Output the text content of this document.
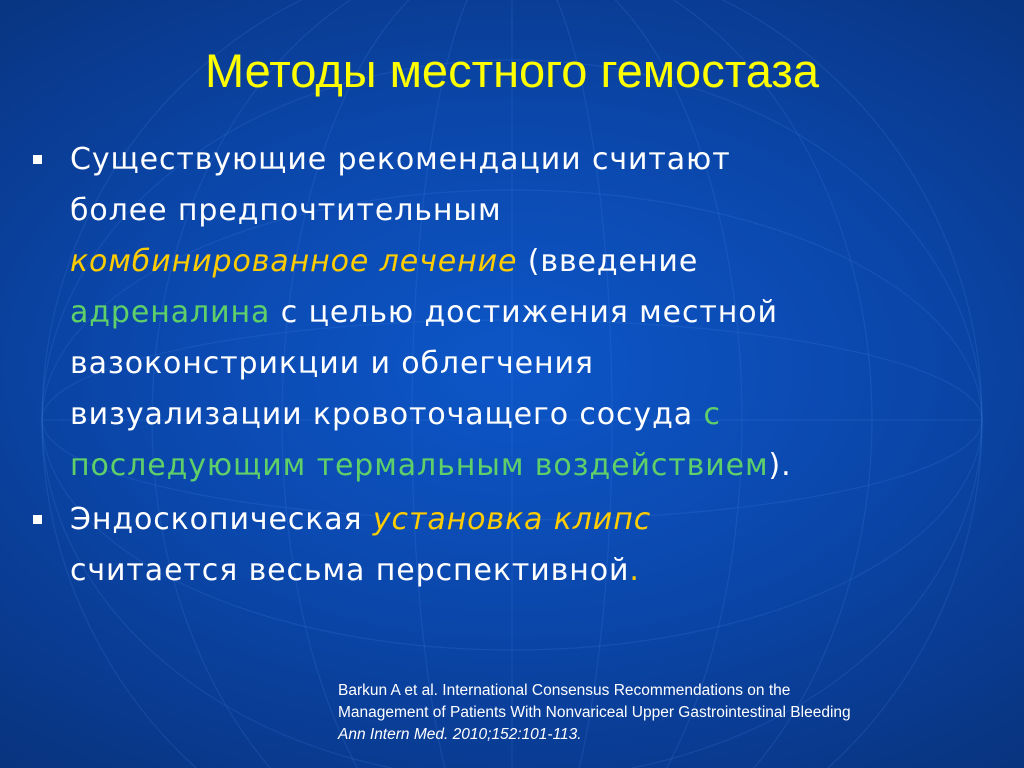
Методы местного гемостаза
Существующие рекомендации считают
более предпочтительным
комбинированное лечение (введение
адреналина с целью достижения местной
вазоконстрикции и облегчения
визуализации кровоточащего сосуда с
последующим термальным воздействием).
Эндоскопическая установка клипс
считается весьма перспективной.
Barkun A et al. International Consensus Recommendations on the
Management of Patients With Nonvariceal Upper Gastrointestinal Bleeding
Ann Intern Med. 2010;152:101-113.
